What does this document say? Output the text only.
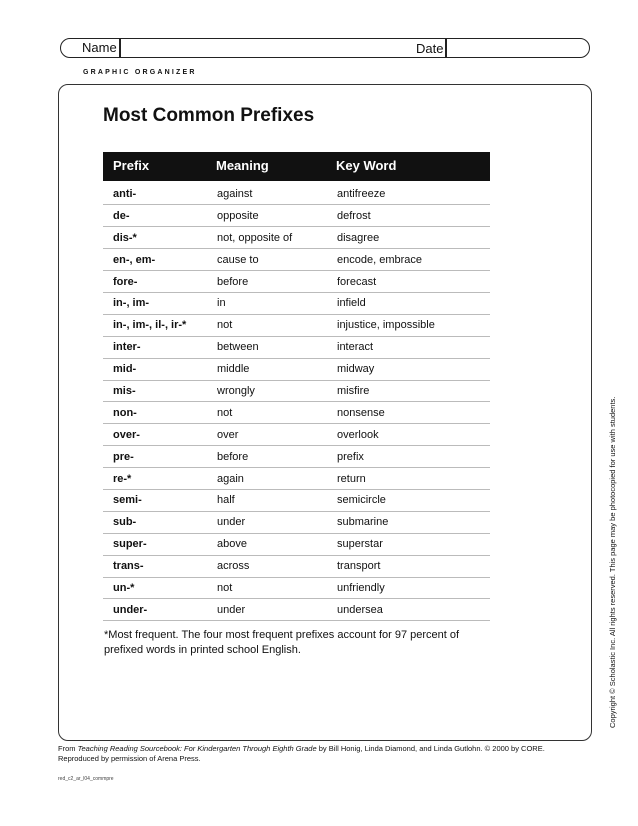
Name	Date
GRAPHIC ORGANIZER
Most Common Prefixes
Prefix	Meaning	Key Word

anti-	against	antifreeze
de-	opposite	defrost
dis-*	not, opposite of	disagree
en-, em-	cause to	encode, embrace
fore-	before	forecast
in-, im-	in	infield
in-, im-, il-, ir-*	not	injustice, impossible
inter-	between	interact
mid-	middle	midway
mis-	wrongly	misfire
non-	not	nonsense
over-	over	overlook
pre-	before	prefix
re-*	again	return
semi-	half	semicircle
sub-	under	submarine
super-	above	superstar
trans-	across	transport
un-*	not	unfriendly
under-	under	undersea

*Most frequent. The four most frequent prefixes account for 97 percent of prefixed words in printed school English.	Copyright © Scholastic Inc. All rights reserved. This page may be photocopied for use with students.

From Teaching Reading Sourcebook: For Kindergarten Through Eighth Grade by Bill Honig, Linda Diamond, and Linda Gutlohn. © 2000 by CORE.
Reproduced by permission of Arena Press.

red_c2_ar_l04_commpre
